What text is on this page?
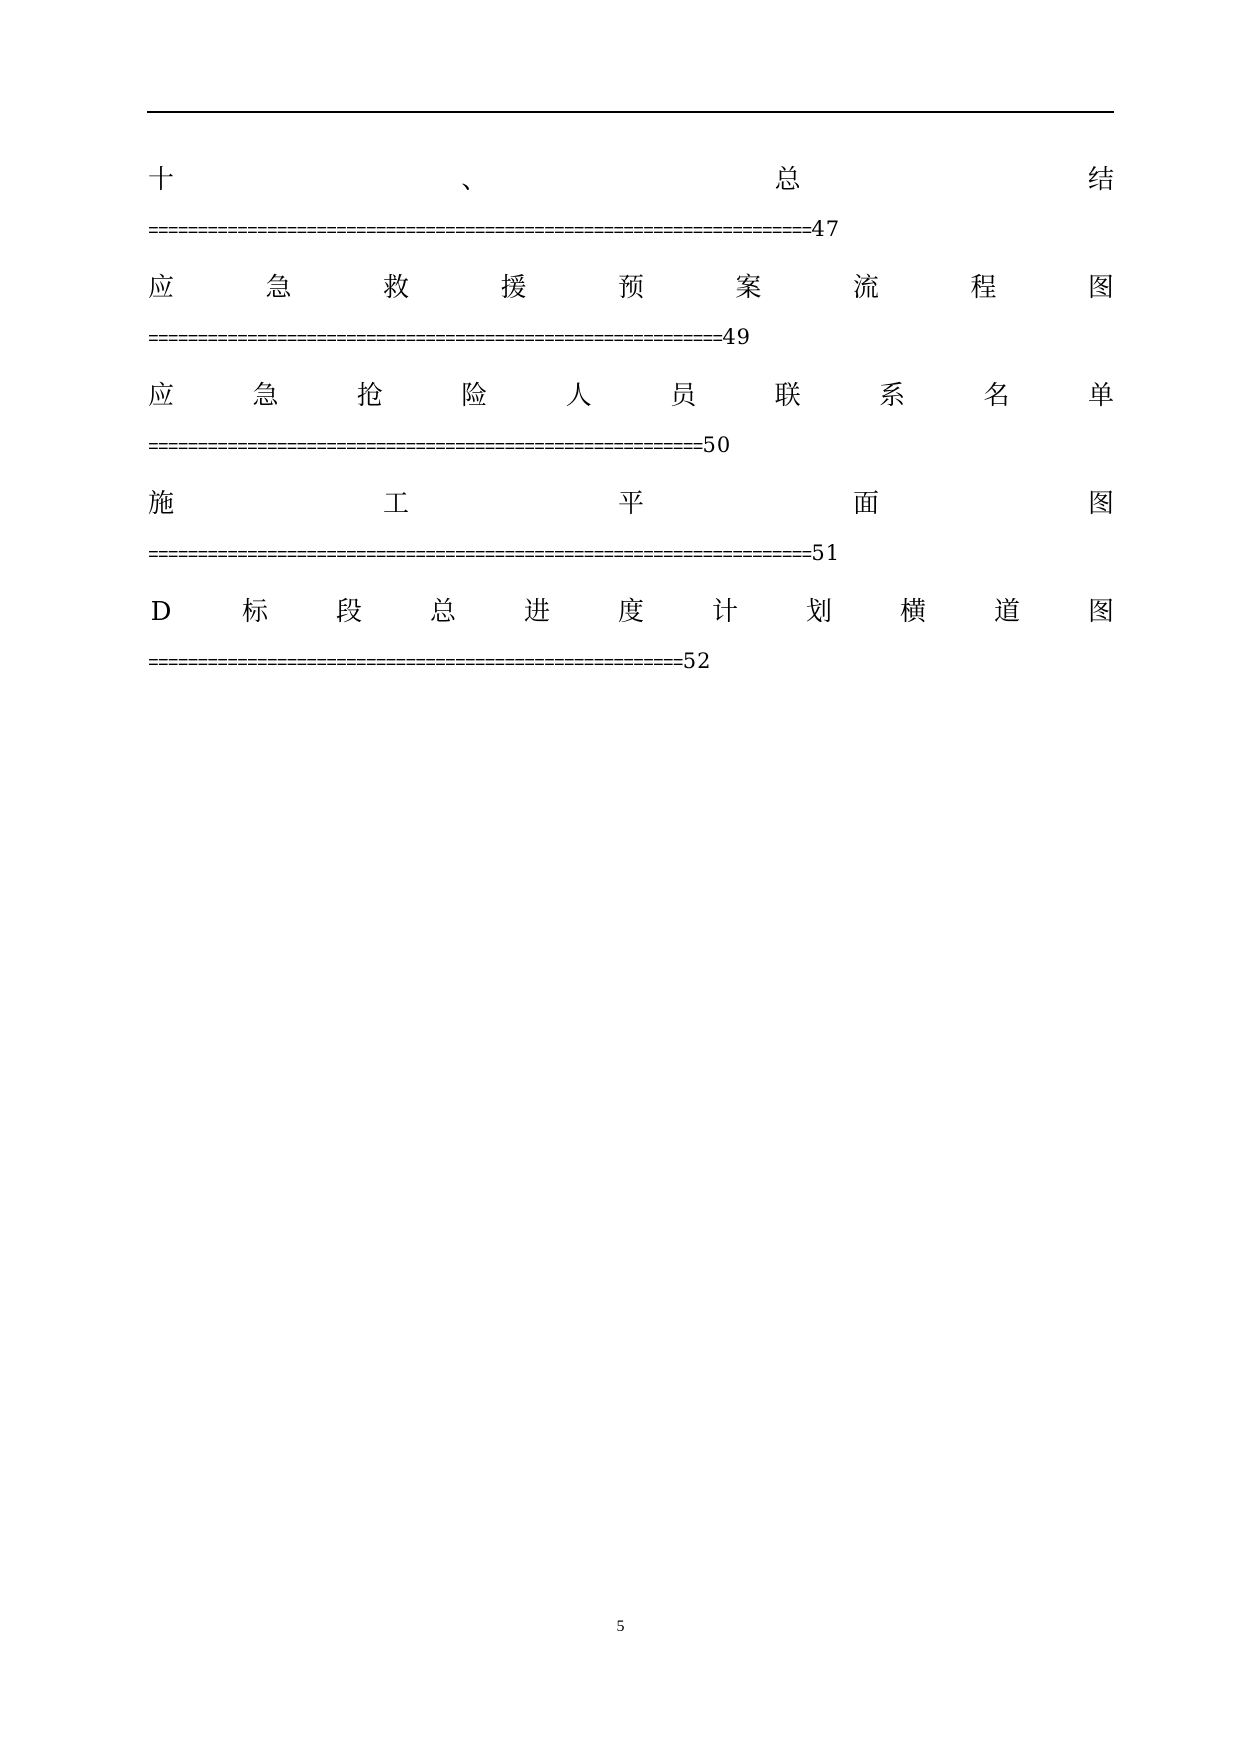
十	、	总	结
===================================================================47
应	急	救	援	预	案	流	程	图
==========================================================49
应	急	抢	险	人	员	联	系	名	单
========================================================50
施	工	平	面	图
===================================================================51
D	标	段	总	进	度	计	划	横	道	图
======================================================52
5
